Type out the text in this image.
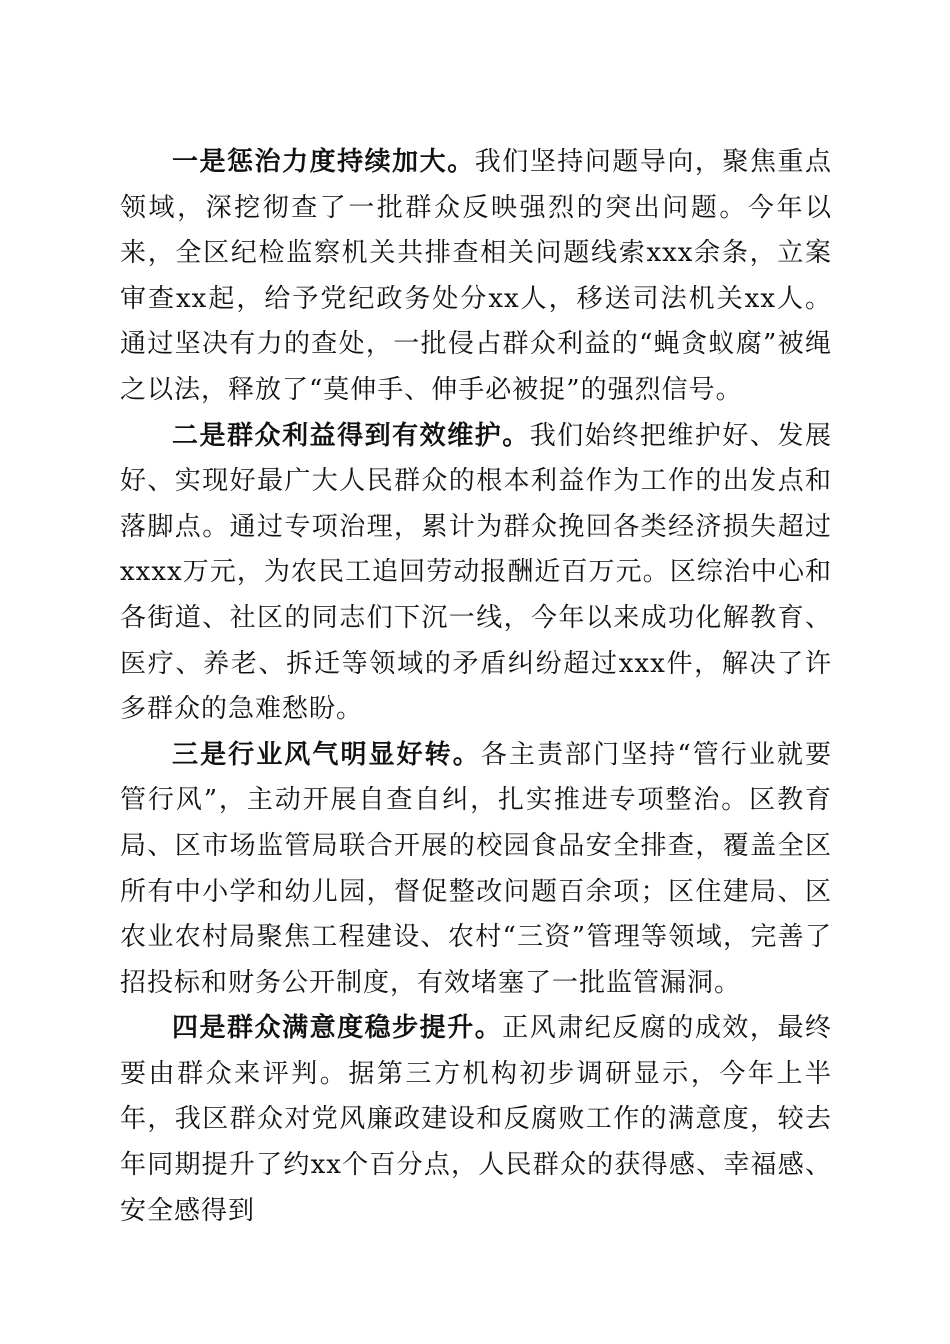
一是惩治力度持续加大。我们坚持问题导向，聚焦重点领域，深挖彻查了一批群众反映强烈的突出问题。今年以来，全区纪检监察机关共排查相关问题线索xxx余条，立案审查xx起，给予党纪政务处分xx人，移送司法机关xx人。通过坚决有力的查处，一批侵占群众利益的“蝇贪蚁腐”被绳之以法，释放了“莫伸手、伸手必被捉”的强烈信号。

二是群众利益得到有效维护。我们始终把维护好、发展好、实现好最广大人民群众的根本利益作为工作的出发点和落脚点。通过专项治理，累计为群众挽回各类经济损失超过xxxx万元，为农民工追回劳动报酬近百万元。区综治中心和各街道、社区的同志们下沉一线，今年以来成功化解教育、医疗、养老、拆迁等领域的矛盾纠纷超过xxx件，解决了许多群众的急难愁盼。

三是行业风气明显好转。各主责部门坚持“管行业就要管行风”，主动开展自查自纠，扎实推进专项整治。区教育局、区市场监管局联合开展的校园食品安全排查，覆盖全区所有中小学和幼儿园，督促整改问题百余项；区住建局、区农业农村局聚焦工程建设、农村“三资”管理等领域，完善了招投标和财务公开制度，有效堵塞了一批监管漏洞。

四是群众满意度稳步提升。正风肃纪反腐的成效，最终要由群众来评判。据第三方机构初步调研显示，今年上半年，我区群众对党风廉政建设和反腐败工作的满意度，较去年同期提升了约xx个百分点，人民群众的获得感、幸福感、安全感得到
